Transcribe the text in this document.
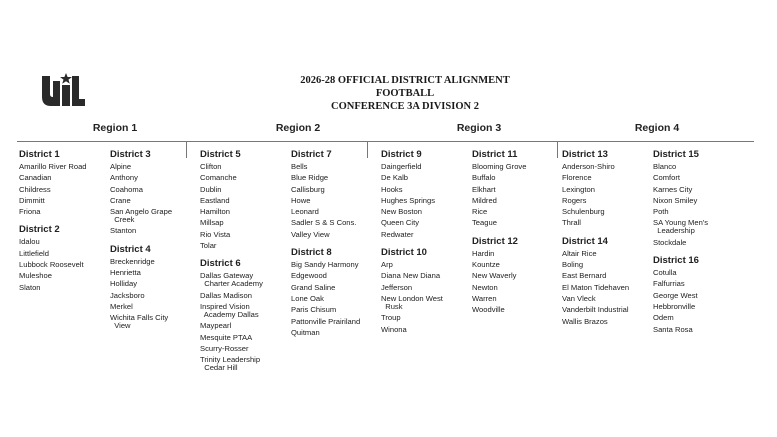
2026-28 OFFICIAL DISTRICT ALIGNMENT
FOOTBALL
CONFERENCE 3A DIVISION 2
Region 1	Region 2	Region 3	Region 4
District 1
Amarillo River Road
Canadian
Childress
Dimmitt
Friona
District 2
Idalou
Littlefield
Lubbock Roosevelt
Muleshoe
Slaton
District 3
Alpine
Anthony
Coahoma
Crane
San Angelo Grape
Creek
Stanton
District 4
Breckenridge
Henrietta
Holliday
Jacksboro
Merkel
Wichita Falls City
View
District 5
Clifton
Comanche
Dublin
Eastland
Hamilton
Millsap
Rio Vista
Tolar
District 6
Dallas Gateway
Charter Academy
Dallas Madison
Inspired Vision
Academy Dallas
Maypearl
Mesquite PTAA
Scurry-Rosser
Trinity Leadership
Cedar Hill
District 7
Bells
Blue Ridge
Callisburg
Howe
Leonard
Sadler S & S Cons.
Valley View
District 8
Big Sandy Harmony
Edgewood
Grand Saline
Lone Oak
Paris Chisum
Pattonville Prairiland
Quitman
District 9
Daingerfield
De Kalb
Hooks
Hughes Springs
New Boston
Queen City
Redwater
District 10
Arp
Diana New Diana
Jefferson
New London West
Rusk
Troup
Winona
District 11
Blooming Grove
Buffalo
Elkhart
Mildred
Rice
Teague
District 12
Hardin
Kountze
New Waverly
Newton
Warren
Woodville
District 13
Anderson-Shiro
Florence
Lexington
Rogers
Schulenburg
Thrall
District 14
Altair Rice
Boling
East Bernard
El Maton Tidehaven
Van Vleck
Vanderbilt Industrial
Wallis Brazos
District 15
Blanco
Comfort
Karnes City
Nixon Smiley
Poth
SA Young Men's
Leadership
Stockdale
District 16
Cotulla
Falfurrias
George West
Hebbronville
Odem
Santa Rosa
